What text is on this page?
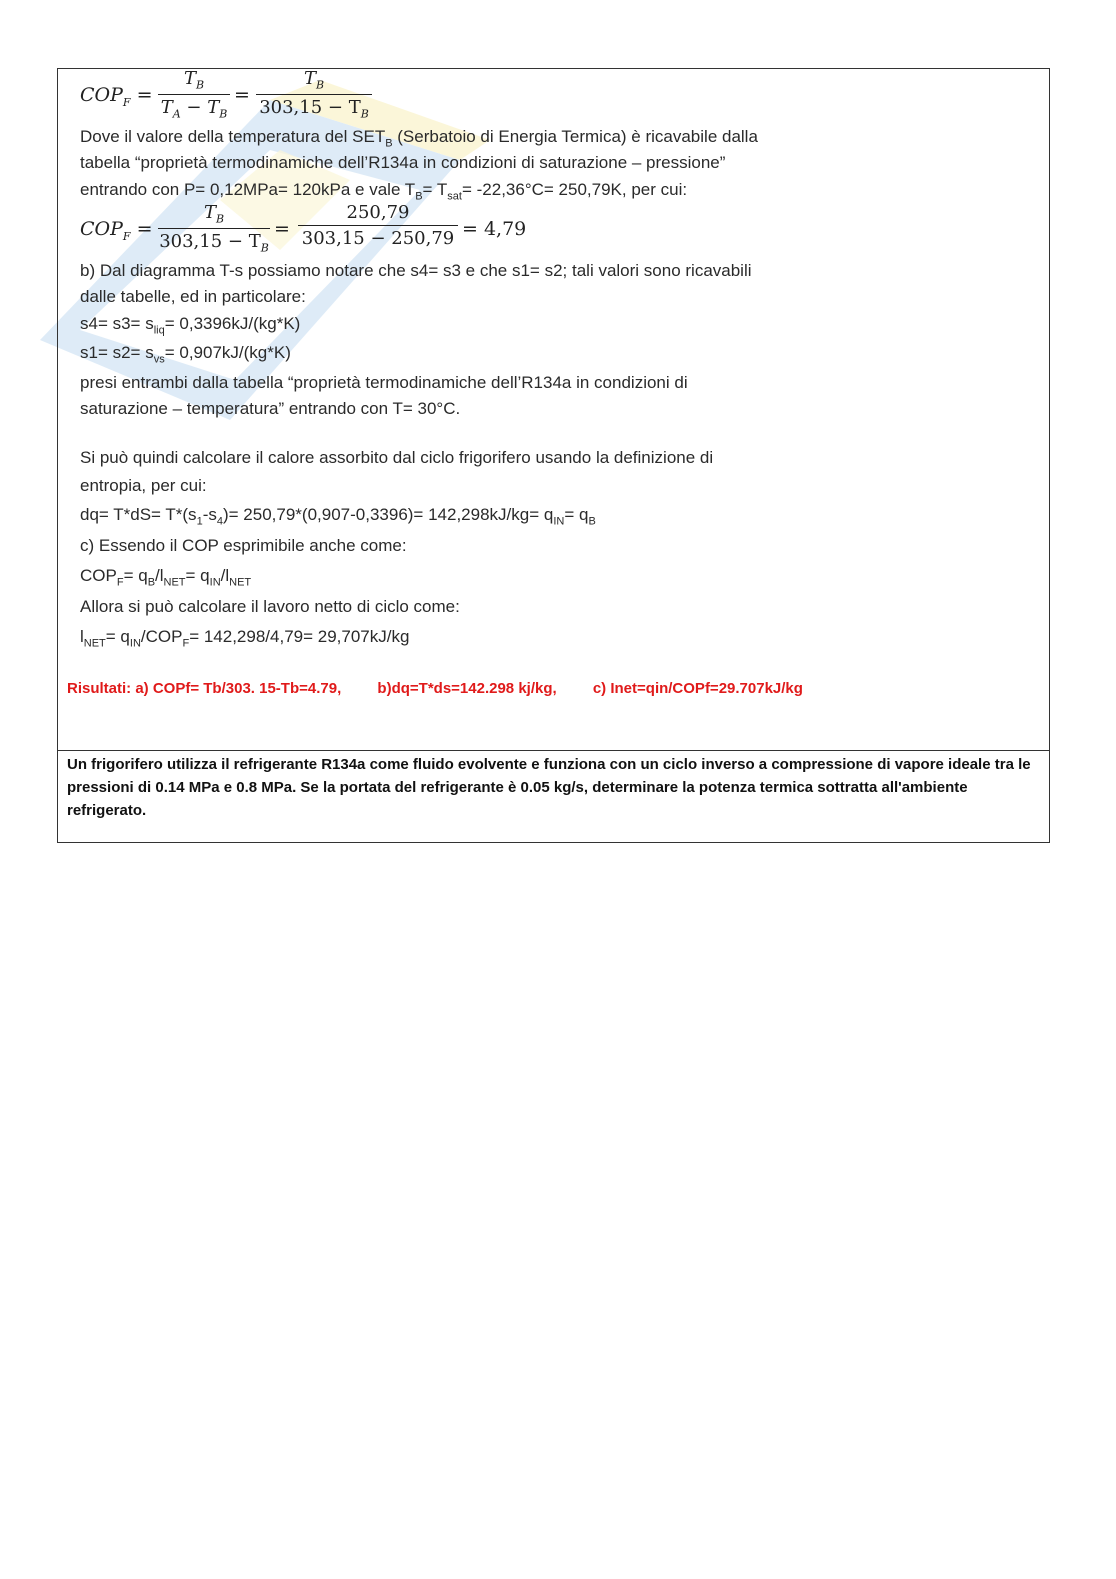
$COP_F = \frac{T_B}{T_A - T_B} = \frac{T_B}{303,15 - T_B}$
Dove il valore della temperatura del $SET_B$ (Serbatoio di Energia Termica) è ricavabile dalla
tabella “proprietà termodinamiche dell’R134a in condizioni di saturazione – pressione”
entrando con P= 0,12MPa= 120kPa e vale $T_B= T_{sat}= -22,36^\circ C= 250,79K$, per cui:
$COP_F = \frac{T_B}{303,15 - T_B} = \frac{250,79}{303,15 - 250,79} = 4,79$
b) Dal diagramma T-s possiamo notare che s4= s3 e che s1= s2; tali valori sono ricavabili
dalle tabelle, ed in particolare:
$s4= s3= s_{liq}= 0,3396kJ/(kg*K)$
$s1= s2= s_{vs}= 0,907kJ/(kg*K)$
presi entrambi dalla tabella “proprietà termodinamiche dell’R134a in condizioni di
saturazione – temperatura” entrando con T= 30°C.
Si può quindi calcolare il calore assorbito dal ciclo frigorifero usando la definizione di
entropia, per cui:
$dq= T*dS= T*(s_1-s_4)= 250,79*(0,907-0,3396)= 142,298kJ/kg= q_{IN}= q_B$
c) Essendo il COP esprimibile anche come:
$COP_F= q_B/l_{NET}= q_{IN}/l_{NET}$
Allora si può calcolare il lavoro netto di ciclo come:
$l_{NET}= q_{IN}/COP_F= 142,298/4,79= 29,707kJ/kg$
Risultati: a) COPf= Tb/303. 15-Tb=4.79, b)dq=T*ds=142.298 kj/kg, c) Inet=qin/COPf=29.707kJ/kg
Un frigorifero utilizza il refrigerante R134a come fluido evolvente e funziona con un ciclo inverso a compressione di vapore ideale tra le pressioni di 0.14 MPa e 0.8 MPa. Se la portata del refrigerante è 0.05 kg/s, determinare la potenza termica sottratta all'ambiente refrigerato.
